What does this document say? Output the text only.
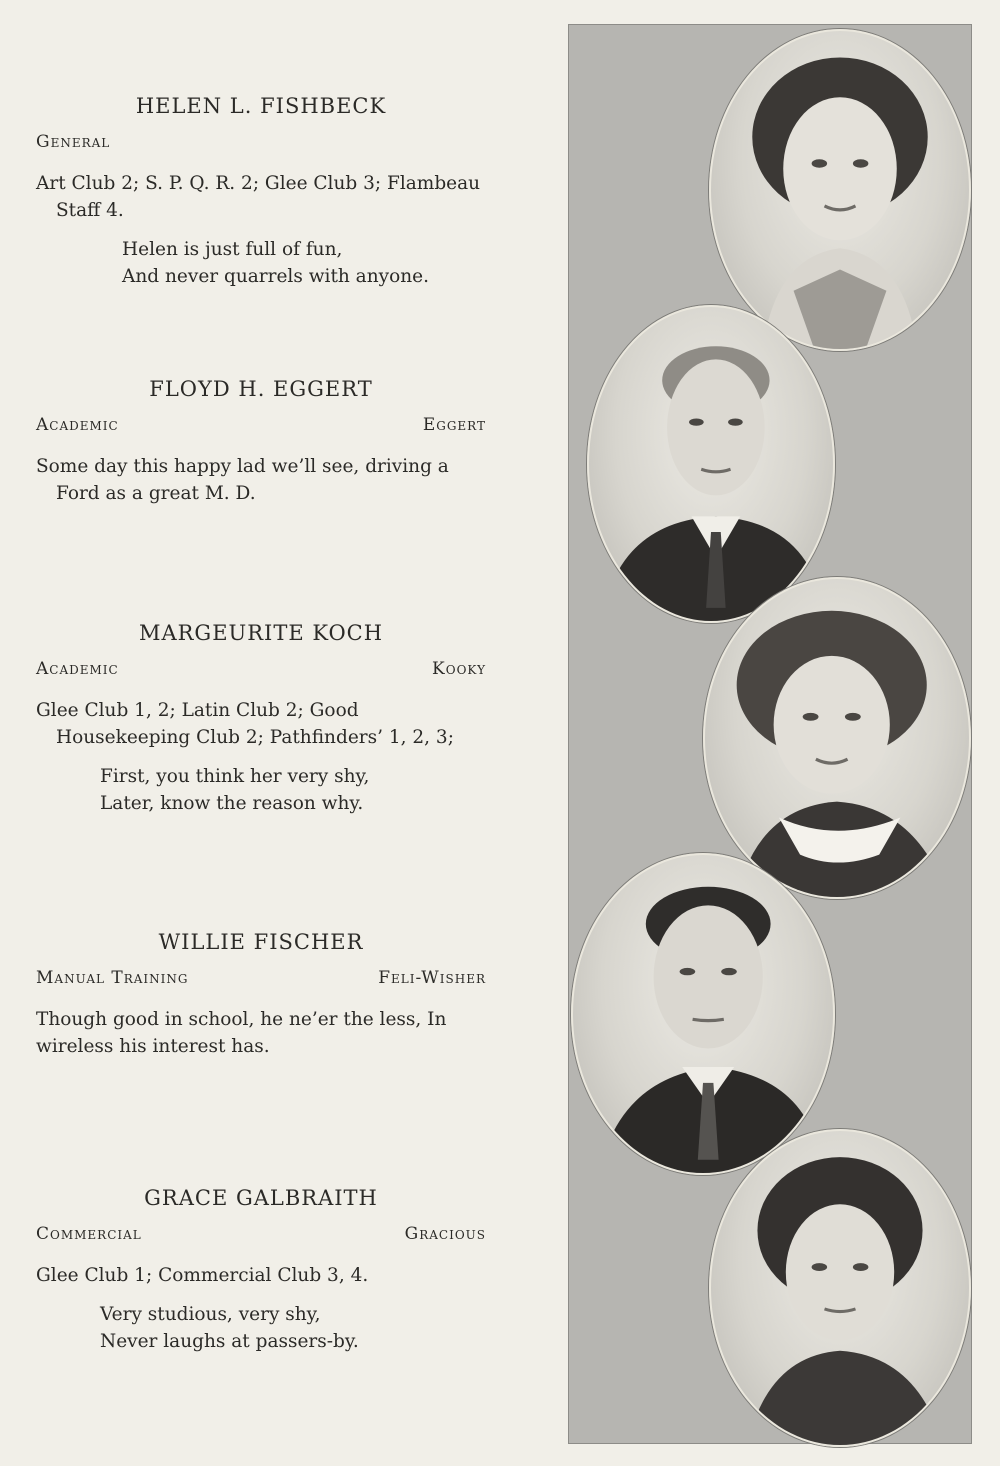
HELEN L. FISHBECK
General
Art Club 2; S. P. Q. R. 2; Glee Club 3; Flambeau Staff 4.
Helen is just full of fun,
And never quarrels with anyone.
FLOYD H. EGGERT
Academic	Eggert
Some day this happy lad we’ll see, driving a Ford as a great M. D.
MARGEURITE KOCH
Academic	Kooky
Glee Club 1, 2; Latin Club 2; Good Housekeeping Club 2; Pathfinders’ 1, 2, 3;
First, you think her very shy,
Later, know the reason why.
WILLIE FISCHER
Manual Training	Feli-Wisher
Though good in school, he ne’er the less, In wireless his interest has.
GRACE GALBRAITH
Commercial	Gracious
Glee Club 1; Commercial Club 3, 4.
Very studious, very shy,
Never laughs at passers-by.
